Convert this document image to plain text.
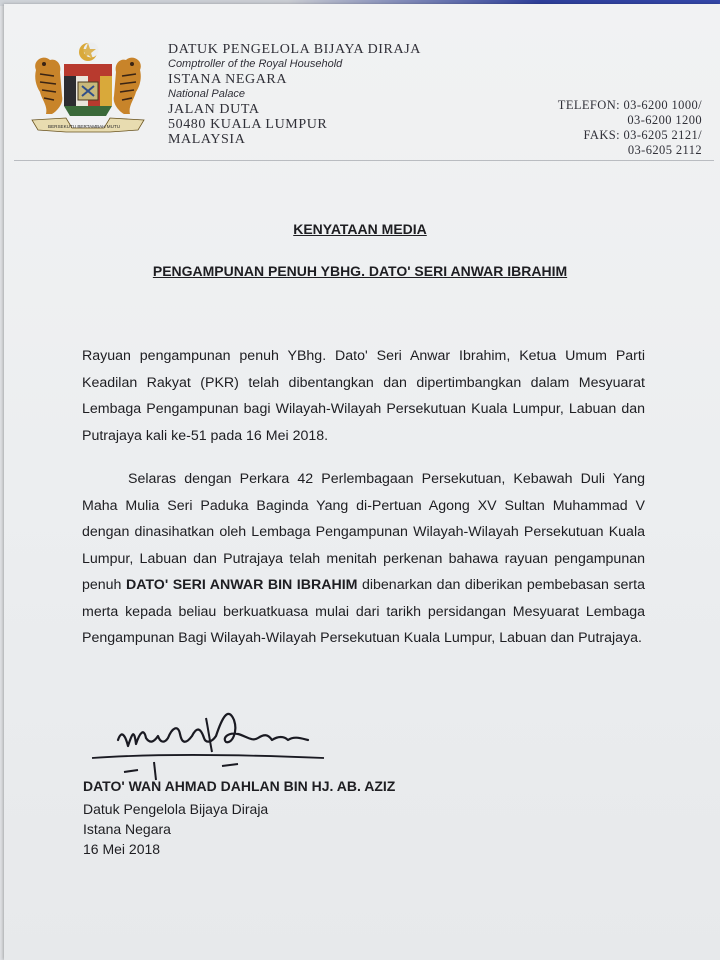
BERSEKUTU BERTAMBAH MUTU
DATUK PENGELOLA BIJAYA DIRAJA
Comptroller of the Royal Household
ISTANA NEGARA
National Palace
JALAN DUTA
50480 KUALA LUMPUR
MALAYSIA
TELEFON: 03-6200 1000/
03-6200 1200
FAKS: 03-6205 2121/
03-6205 2112
KENYATAAN MEDIA
PENGAMPUNAN PENUH YBHG. DATO' SERI ANWAR IBRAHIM
Rayuan pengampunan penuh YBhg. Dato' Seri Anwar Ibrahim, Ketua Umum Parti Keadilan Rakyat (PKR) telah dibentangkan dan dipertimbangkan dalam Mesyuarat Lembaga Pengampunan bagi Wilayah-Wilayah Persekutuan Kuala Lumpur, Labuan dan Putrajaya kali ke-51 pada 16 Mei 2018.
Selaras dengan Perkara 42 Perlembagaan Persekutuan, Kebawah Duli Yang Maha Mulia Seri Paduka Baginda Yang di-Pertuan Agong XV Sultan Muhammad V dengan dinasihatkan oleh Lembaga Pengampunan Wilayah-Wilayah Persekutuan Kuala Lumpur, Labuan dan Putrajaya telah menitah perkenan bahawa rayuan pengampunan penuh DATO' SERI ANWAR BIN IBRAHIM dibenarkan dan diberikan pembebasan serta merta kepada beliau berkuatkuasa mulai dari tarikh persidangan Mesyuarat Lembaga Pengampunan Bagi Wilayah-Wilayah Persekutuan Kuala Lumpur, Labuan dan Putrajaya.
DATO' WAN AHMAD DAHLAN BIN HJ. AB. AZIZ
Datuk Pengelola Bijaya Diraja
Istana Negara
16 Mei 2018
